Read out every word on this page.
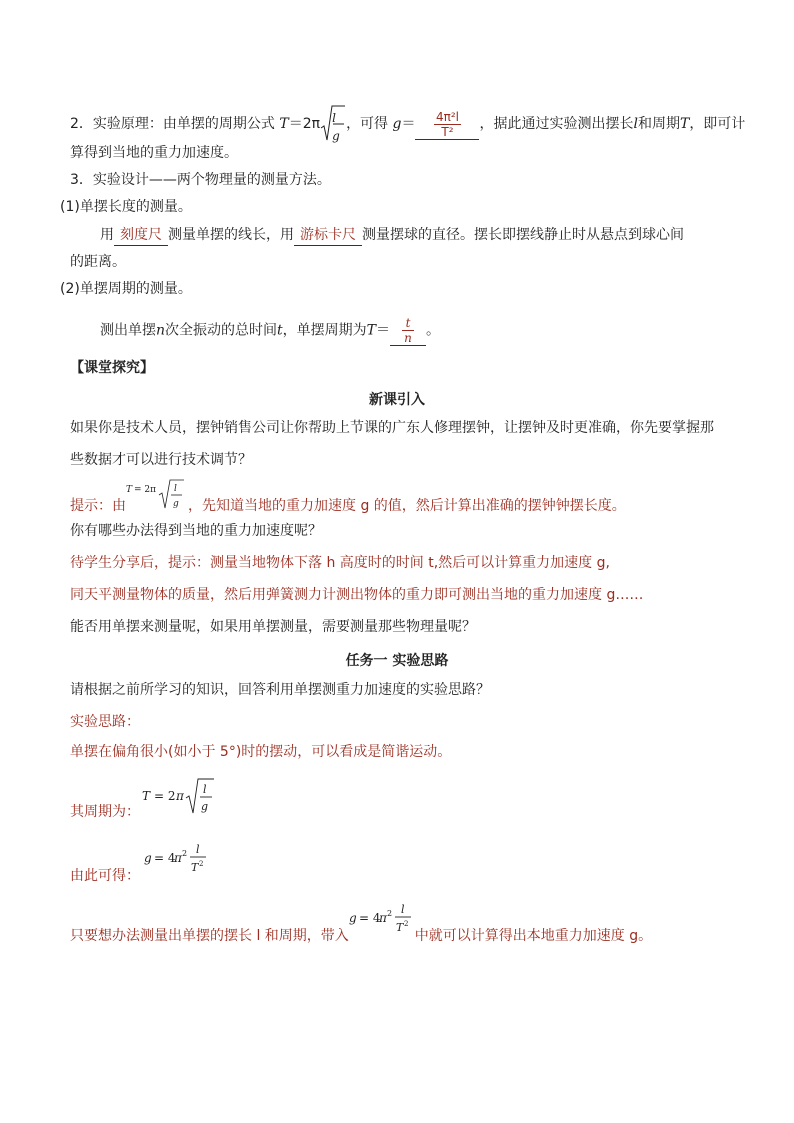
2．实验原理：由单摆的周期公式 T＝2π l
g
，可得 $g= \frac{\text{4π²l}}{\text{T²}}$ ，据此通过实验测出摆长l和周期T，即可计
算得到当地的重力加速度。
3．实验设计——两个物理量的测量方法。
(1)单摆长度的测量。
用 刻度尺 测量单摆的线长，用 游标卡尺 测量摆球的直径。摆长即摆线静止时从悬点到球心间
的距离。
(2)单摆周期的测量。
测出单摆n次全振动的总时间t，单摆周期为$T= \frac{t}{n}$ 。
【课堂探究】
新课引入
如果你是技术人员，摆钟销售公司让你帮助上节课的广东人修理摆钟，让摆钟及时更准确，你先要掌握那
些数据才可以进行技术调节？
提示：由
T = 2π l
g ，先知道当地的重力加速度 g 的值，然后计算出准确的摆钟钟摆长度。
你有哪些办法得到当地的重力加速度呢？
待学生分享后，提示：测量当地物体下落 h 高度时的时间 t,然后可以计算重力加速度 g,
同天平测量物体的质量，然后用弹簧测力计测出物体的重力即可测出当地的重力加速度 g……
能否用单摆来测量呢，如果用单摆测量，需要测量那些物理量呢？
任务一 实验思路
请根据之前所学习的知识，回答利用单摆测重力加速度的实验思路？
实验思路：
单摆在偏角很小(如小于 5°)时的摆动，可以看成是简谐运动。
T = 2 π l
g
其周期为：
g = 4
π 2 l
T 2
由此可得：
只要想办法测量出单摆的摆长 l 和周期，带入
g = 4
π 2 l
T 2
中就可以计算得出本地重力加速度 g。
